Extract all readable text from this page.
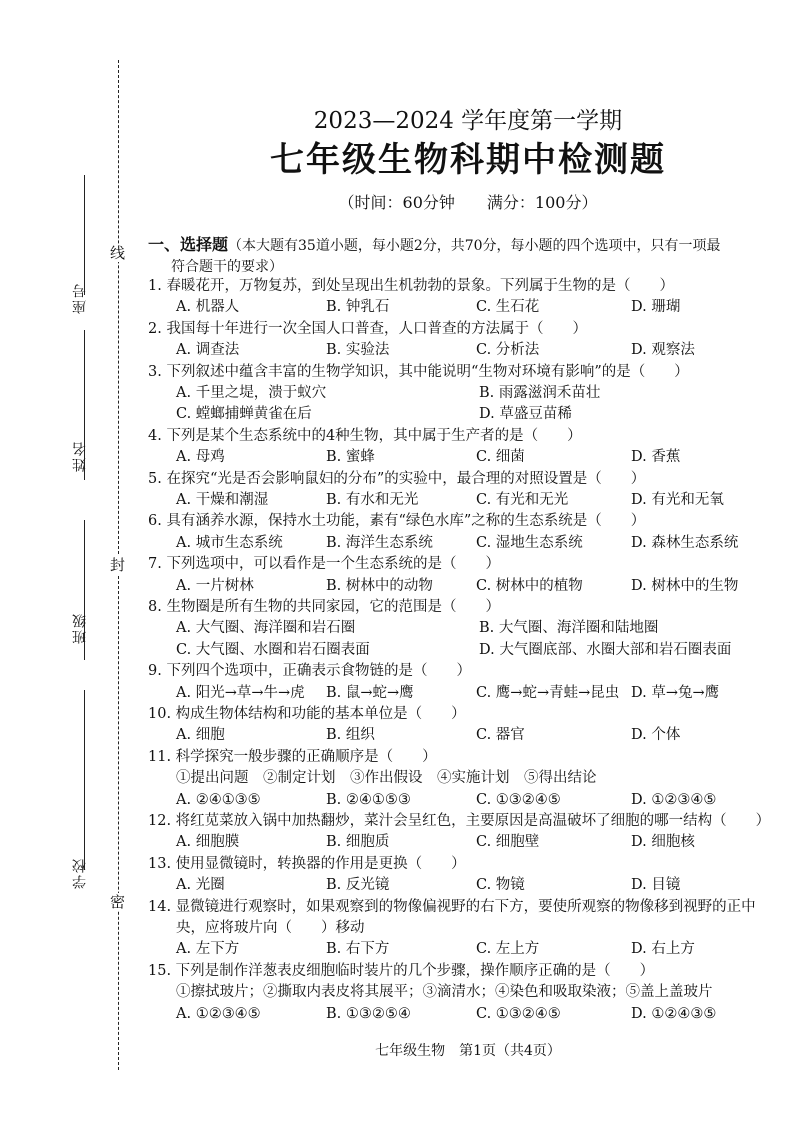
线
封
密
座号
姓名
班级
学校
2023—2024 学年度第一学期
七年级生物科期中检测题
（时间：60分钟　　满分：100分）
一、选择题（本大题有35道小题，每小题2分，共70分，每小题的四个选项中，只有一项最
符合题干的要求）
1. 春暖花开，万物复苏，到处呈现出生机勃勃的景象。下列属于生物的是（　　）
A. 机器人	B. 钟乳石	C. 生石花	D. 珊瑚
2. 我国每十年进行一次全国人口普查，人口普查的方法属于（　　）
A. 调查法	B. 实验法	C. 分析法	D. 观察法
3. 下列叙述中蕴含丰富的生物学知识，其中能说明“生物对环境有影响”的是（　　）
A. 千里之堤，溃于蚁穴	B. 雨露滋润禾苗壮
C. 螳螂捕蝉黄雀在后	D. 草盛豆苗稀
4. 下列是某个生态系统中的4种生物，其中属于生产者的是（　　）
A. 母鸡	B. 蜜蜂	C. 细菌	D. 香蕉
5. 在探究“光是否会影响鼠妇的分布”的实验中，最合理的对照设置是（　　）
A. 干燥和潮湿	B. 有水和无光	C. 有光和无光	D. 有光和无氧
6. 具有涵养水源，保持水土功能，素有“绿色水库”之称的生态系统是（　　）
A. 城市生态系统	B. 海洋生态系统	C. 湿地生态系统	D. 森林生态系统
7. 下列选项中，可以看作是一个生态系统的是（　　）
A. 一片树林	B. 树林中的动物	C. 树林中的植物	D. 树林中的生物
8. 生物圈是所有生物的共同家园，它的范围是（　　）
A. 大气圈、海洋圈和岩石圈	B. 大气圈、海洋圈和陆地圈
C. 大气圈、水圈和岩石圈表面	D. 大气圈底部、水圈大部和岩石圈表面
9. 下列四个选项中，正确表示食物链的是（　　）
A. 阳光→草→牛→虎 B. 鼠→蛇→鹰	C. 鹰→蛇→青蛙→昆虫 D. 草→兔→鹰
10. 构成生物体结构和功能的基本单位是（　　）
A. 细胞	B. 组织	C. 器官	D. 个体
11. 科学探究一般步骤的正确顺序是（　　）
①提出问题　②制定计划　③作出假设　④实施计划　⑤得出结论
A. ②④①③⑤	B. ②④①⑤③	C. ①③②④⑤	D. ①②③④⑤
12. 将红苋菜放入锅中加热翻炒，菜汁会呈红色，主要原因是高温破坏了细胞的哪一结构（　　）
A. 细胞膜	B. 细胞质	C. 细胞壁	D. 细胞核
13. 使用显微镜时，转换器的作用是更换（　　）
A. 光圈	B. 反光镜	C. 物镜	D. 目镜
14. 显微镜进行观察时，如果观察到的物像偏视野的右下方，要使所观察的物像移到视野的正中
央，应将玻片向（　　）移动
A. 左下方	B. 右下方	C. 左上方	D. 右上方
15. 下列是制作洋葱表皮细胞临时装片的几个步骤，操作顺序正确的是（　　）
①擦拭玻片；②撕取内表皮将其展平；③滴清水；④染色和吸取染液；⑤盖上盖玻片
A. ①②③④⑤	B. ①③②⑤④	C. ①③②④⑤	D. ①②④③⑤
七年级生物　第1页（共4页）
